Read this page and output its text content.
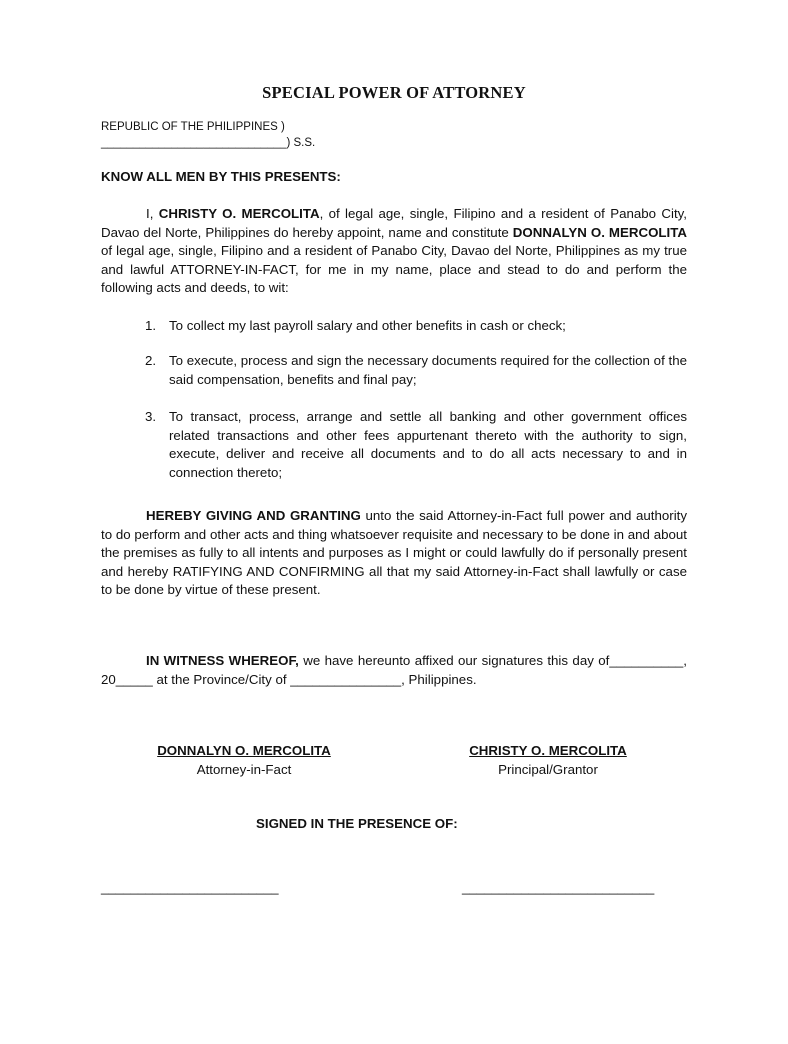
SPECIAL POWER OF ATTORNEY
REPUBLIC OF THE PHILIPPINES )
_____________________________) S.S.
KNOW ALL MEN BY THIS PRESENTS:
I, CHRISTY O. MERCOLITA, of legal age, single, Filipino and a resident of Panabo City, Davao del Norte, Philippines do hereby appoint, name and constitute DONNALYN O. MERCOLITA of legal age, single, Filipino and a resident of Panabo City, Davao del Norte, Philippines as my true and lawful ATTORNEY-IN-FACT, for me in my name, place and stead to do and perform the following acts and deeds, to wit:
1. To collect my last payroll salary and other benefits in cash or check;
2. To execute, process and sign the necessary documents required for the collection of the said compensation, benefits and final pay;
3. To transact, process, arrange and settle all banking and other government offices related transactions and other fees appurtenant thereto with the authority to sign, execute, deliver and receive all documents and to do all acts necessary to and in connection thereto;
HEREBY GIVING AND GRANTING unto the said Attorney-in-Fact full power and authority to do perform and other acts and thing whatsoever requisite and necessary to be done in and about the premises as fully to all intents and purposes as I might or could lawfully do if personally present and hereby RATIFYING AND CONFIRMING all that my said Attorney-in-Fact shall lawfully or case to be done by virtue of these present.
IN WITNESS WHEREOF, we have hereunto affixed our signatures this day of__________, 20_____ at the Province/City of _______________, Philippines.
DONNALYN O. MERCOLITA
Attorney-in-Fact
CHRISTY O. MERCOLITA
Principal/Grantor
SIGNED IN THE PRESENCE OF:
________________________	__________________________
